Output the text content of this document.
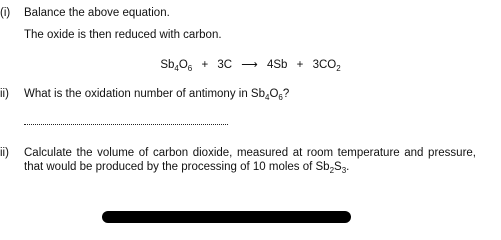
(i) Balance the above equation.
The oxide is then reduced with carbon.
$Sb_4O_6 + 3C$ ⟶ $4Sb + 3CO_2$
ii) What is the oxidation number of antimony in $Sb_4O_6$?
ii) Calculate the volume of carbon dioxide, measured at room temperature and pressure, that would be produced by the processing of 10 moles of $Sb_2S_3$.
